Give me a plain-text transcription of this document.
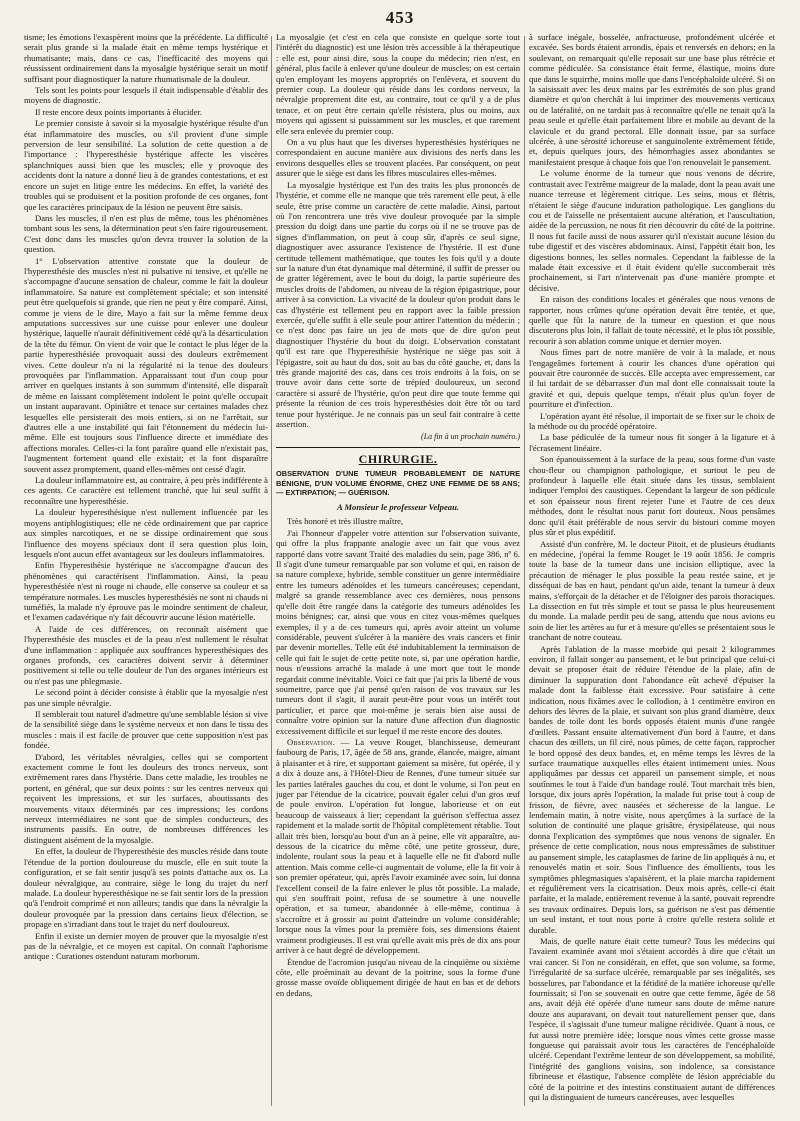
453

tisme; les émotions l'exaspèrent moins que la précédente. La difficulté serait plus grande si la malade était en même temps hystérique et rhumatisante; mais, dans ce cas, l'inefficacité des moyens qui réussissent ordinairement dans la myosalgie hystérique serait un motif suffisant pour diagnostiquer la nature rhumatismale de la douleur.

Tels sont les points pour lesquels il était indispensable d'établir des moyens de diagnostic.

Il reste encore deux points importants à élucider.

Le premier consiste à savoir si la myosalgie hystérique résulte d'un état inflammatoire des muscles, ou s'il provient d'une simple perversion de leur sensibilité. La solution de cette question a de l'importance : l'hyperesthésie hystérique affecte les viscères splanchniques aussi bien que les muscles; elle y provoque des accidents dont la nature a donné lieu à de grandes contestations, et est encore un sujet en litige entre les médecins. En effet, la variété des troubles qui se produisent et la position profonde de ces organes, font que les caractères principaux de la lésion ne peuvent être saisis.

Dans les muscles, il n'en est plus de même, tous les phénomènes tombant sous les sens, la détermination peut s'en faire rigoureusement. C'est donc dans les muscles qu'on devra trouver la solution de la question.

1° L'observation attentive constate que la douleur de l'hyperesthésie des muscles n'est ni pulsative ni tensive, et qu'elle ne s'accompagne d'aucune sensation de chaleur, comme le fait la douleur inflammatoire. Sa nature est complètement spéciale; et son intensité peut être quelquefois si grande, que rien ne peut y être comparé. Ainsi, comme je viens de le dire, Mayo a fait sur la même femme deux amputations successives sur une cuisse pour enlever une douleur hystérique, laquelle n'aurait définitivement cédé qu'à la désarticulation de la tête du fémur. On vient de voir que le contact le plus léger de la partie hyperesthésiée provoquait aussi des douleurs extrêmement vives. Cette douleur n'a ni la régularité ni la tenue des douleurs provoquées par l'inflammation. Apparaissant tout d'un coup pour arriver en quelques instants à son summum d'intensité, elle disparaît de même en laissant complètement indolent le point qu'elle occupait un instant auparavant. Opiniâtre et tenace sur certaines malades chez lesquelles elle persisterait des mois entiers, si on ne l'arrêtait, sur d'autres elle a une instabilité qui fait l'étonnement du médecin lui-même. Elle est toujours sous l'influence directe et immédiate des affections morales. Celles-ci la font paraître quand elle n'existait pas, l'augmentent fortement quand elle existait; et la font disparaître souvent assez promptement, quand elles-mêmes ont cessé d'agir.

La douleur inflammatoire est, au contraire, à peu près indifférente à ces agents. Ce caractère est tellement tranché, que lui seul suffit à reconnaître une hyperesthésie.

La douleur hyperesthésique n'est nullement influencée par les moyens antiphlogistiques; elle ne cède ordinairement que par caprice aux simples narcotiques, et ne se dissipe ordinairement que sous l'influence des moyens spéciaux dont il sera question plus loin, lesquels n'ont aucun effet avantageux sur les douleurs inflammatoires.

Enfin l'hyperesthésie hystérique ne s'accompagne d'aucun des phénomènes qui caractérisent l'inflammation. Ainsi, la peau hyperesthésiée n'est ni rouge ni chaude, elle conserve sa couleur et sa température normales. Les muscles hyperesthésiés ne sont ni chauds ni tuméfiés, la malade n'y éprouve pas le moindre sentiment de chaleur, et l'examen cadavérique n'y fait découvrir aucune lésion matérielle.

A l'aide de ces différences, on reconnaît aisément que l'hyperesthésie des muscles et de la peau n'est nullement le résultat d'une inflammation : appliquée aux souffrances hyperesthésiques des organes profonds, ces caractères doivent servir à déterminer positivement si telle ou telle douleur de l'un des organes intérieurs est ou n'est pas une phlegmasie.

Le second point à décider consiste à établir que la myosalgie n'est pas une simple névralgie.

Il semblerait tout naturel d'admettre qu'une semblable lésion si vive de la sensibilité siège dans le système nerveux et non dans le tissu des muscles : mais il est facile de prouver que cette supposition n'est pas fondée.

D'abord, les véritables névralgies, celles qui se comportent exactement comme le font les douleurs des troncs nerveux, sont extrêmement rares dans l'hystérie. Dans cette maladie, les troubles ne portent, en général, que sur deux points : sur les centres nerveux qui reçoivent les impressions, et sur les surfaces, aboutissants des mouvements vitaux déterminés par ces impressions; les cordons nerveux intermédiaires ne sont que de simples conducteurs, des instruments passifs. En outre, de nombreuses différences les distinguent aisément de la myosalgie.

En effet, la douleur de l'hyperesthésie des muscles réside dans toute l'étendue de la portion douloureuse du muscle, elle en suit toute la configuration, et se fait sentir jusqu'à ses points d'attache aux os. La douleur névralgique, au contraire, siège le long du trajet du nerf malade. La douleur hyperesthésique ne se fait sentir lors de la pression qu'à l'endroit comprimé et non ailleurs; tandis que dans la névralgie la douleur provoquée par la pression dans certains lieux d'élection, se propage en s'irradiant dans tout le trajet du nerf douloureux.

Enfin il existe un dernier moyen de prouver que la myosalgie n'est pas de la névralgie, et ce moyen est capital. On connaît l'aphorisme antique : Curationes ostendunt naturam morborum.

La myosalgie (et c'est en cela que consiste en quelque sorte tout l'intérêt du diagnostic) est une lésion très accessible à la thérapeutique : elle est, pour ainsi dire, sous la coupe du médecin; rien n'est, en général, plus facile à enlever qu'une douleur de muscles; on est certain qu'en employant les moyens appropriés on l'enlèvera, et souvent du premier coup. La douleur qui réside dans les cordons nerveux, la névralgie proprement dite est, au contraire, tout ce qu'il y a de plus tenace, et on peut être certain qu'elle résistera, plus ou moins, aux moyens qui agissent si puissamment sur les muscles, et que rarement elle sera enlevée du premier coup.

On a vu plus haut que les diverses hyperesthésies hystériques ne correspondaient en aucune manière aux divisions des nerfs dans les environs desquelles elles se trouvent placées. Par conséquent, on peut assurer que le siège est dans les fibres musculaires elles-mêmes.

La myosalgie hystérique est l'un des traits les plus prononcés de l'hystérie, et comme elle ne manque que très rarement elle peut, à elle seule, être prise comme un caractère de cette maladie. Ainsi, partout où l'on rencontrera une très vive douleur provoquée par la simple pression du doigt dans une partie du corps où il ne se trouve pas de signes d'inflammation, on peut à coup sûr, d'après ce seul signe, diagnostiquer avec assurance l'existence de l'hystérie. Il est d'une certitude tellement mathématique, que toutes les fois qu'il y a doute sur la nature d'un état dynamique mal déterminé, il suffit de presser ou de gratter légèrement, avec le bout du doigt, la partie supérieure des muscles droits de l'abdomen, au niveau de la région épigastrique, pour arriver à sa conviction. La vivacité de la douleur qu'on produit dans le cas d'hystérie est tellement peu en rapport avec la faible pression exercée, qu'elle suffit à elle seule pour attirer l'attention du médecin ; ce n'est donc pas faire un jeu de mots que de dire qu'on peut diagnostiquer l'hystérie du bout du doigt. L'observation constatant qu'il est rare que l'hyperesthésie hystérique ne siège pas soit à l'épigastre, soit au haut du dos, soit au bas du côté gauche, et, dans la très grande majorité des cas, dans ces trois endroits à la fois, on se trouve avoir dans cette sorte de trépied douloureux, un second caractère si assuré de l'hystérie, qu'on peut dire que toute femme qui présente la réunion de ces trois hyperesthésies doit être tôt ou tard tenue pour hystérique. Je ne connais pas un seul fait contraire à cette assertion.

(La fin à un prochain numéro.)
CHIRURGIE.
OBSERVATION D'UNE TUMEUR PROBABLEMENT DE NATURE BÉNIGNE, D'UN VOLUME ÉNORME, CHEZ UNE FEMME DE 58 ANS; — EXTIRPATION; — GUÉRISON.
A Monsieur le professeur Velpeau.

Très honoré et très illustre maître,

J'ai l'honneur d'appeler votre attention sur l'observation suivante, qui offre la plus frappante analogie avec un fait que vous avez rapporté dans votre savant Traité des maladies du sein, page 386, nº 6. Il s'agit d'une tumeur remarquable par son volume et qui, en raison de sa nature complexe, hybride, semble constituer un genre intermédiaire entre les tumeurs adénoïdes et les tumeurs cancéreuses; cependant, malgré sa grande ressemblance avec ces dernières, nous pensons qu'elle doit être rangée dans la catégorie des tumeurs adénoïdes les moins bénignes; car, ainsi que vous en citez vous-mêmes quelques exemples, il y a de ces tumeurs qui, après avoir atteint un volume considérable, peuvent s'ulcérer à la manière des vrais cancers et finir par devenir mortelles. Telle eût été indubitablement la terminaison de celle qui fait le sujet de cette petite note, si, par une opération hardie, nous n'eussions arraché la malade à une mort que tout le monde regardait comme inévitable. Voici ce fait que j'ai pris la liberté de vous soumettre, parce que j'ai pensé qu'en raison de vos travaux sur les tumeurs dont il s'agit, il aurait peut-être pour vous un intérêt tout particulier, et parce que moi-même je serais bien aise aussi de connaître votre opinion sur la nature d'une affection d'un diagnostic excessivement difficile et sur lequel il me reste encore des doutes.

Observation. — La veuve Rouget, blanchisseuse, demeurant faubourg de Paris, 17, âgée de 58 ans, grande, élancée, maigre, aimant à plaisanter et à rire, et supportant gaiement sa misère, fut opérée, il y a dix à douze ans, à l'Hôtel-Dieu de Rennes, d'une tumeur située sur les parties latérales gauches du cou, et dont le volume, si l'on peut en juger par l'étendue de la cicatrice, pouvait égaler celui d'un gros œuf de poule environ. L'opération fut longue, laborieuse et on eut beaucoup de vaisseaux à lier; cependant la guérison s'effectua assez rapidement et la malade sortit de l'hôpital complètement rétablie. Tout allait très bien, lorsqu'au bout d'un an à peine, elle vit apparaître, au-dessous de la cicatrice du même côté, une petite grosseur, dure, indolente, roulant sous la peau et à laquelle elle ne fit d'abord nulle attention. Mais comme celle-ci augmentait de volume, elle la fit voir à son premier opérateur, qui, après l'avoir examinée avec soin, lui donna l'excellent conseil de la faire enlever le plus tôt possible. La malade, qui s'en souffrait point, refusa de se soumettre à une nouvelle opération, et sa tumeur, abandonnée à elle-même, continua à s'accroître et à grossir au point d'atteindre un volume considérable; lorsque nous la vîmes pour la première fois, ses dimensions étaient vraiment prodigieuses. Il est vrai qu'elle avait mis près de dix ans pour arriver à ce haut degré de développement.

Étendue de l'acromion jusqu'au niveau de la cinquième ou sixième côte, elle proéminait au devant de la poitrine, sous la forme d'une grosse masse ovoïde obliquement dirigée de haut en bas et de dehors en dedans,

à surface inégale, bosselée, anfractueuse, profondément ulcérée et excavée. Ses bords étaient arrondis, épais et renversés en dehors; en la soulevant, on remarquait qu'elle reposait sur une base plus rétrécie et comme pédiculée. Sa consistance était ferme, élastique, moins dure que dans le squirrhe, moins molle que dans l'encéphaloïde ulcéré. Si on la saisissait avec les deux mains par les extrémités de son plus grand diamètre et qu'on cherchât à lui imprimer des mouvements verticaux ou de latéralité, on ne tardait pas à reconnaître qu'elle ne tenait qu'à la peau seule et qu'elle était parfaitement libre et mobile au devant de la clavicule et du grand pectoral. Elle donnait issue, par sa surface ulcérée, à une sérosité ichoreuse et sanguinolente extrêmement fétide, et, depuis quelques jours, des hémorrhagies assez abondantes se manifestaient presque à chaque fois que l'on renouvelait le pansement.

Le volume énorme de la tumeur que nous venons de décrire, contrastait avec l'extrême maigreur de la malade, dont la peau avait une nuance terreuse et légèrement citrique. Les seins, mous et flétris, n'étaient le siège d'aucune induration pathologique. Les ganglions du cou et de l'aisselle ne présentaient aucune altération, et l'auscultation, aidée de la percussion, ne nous fit rien découvrir du côté de la poitrine. Il nous fut facile aussi de nous assurer qu'il n'existait aucune lésion du tube digestif et des viscères abdominaux. Ainsi, l'appétit était bon, les digestions bonnes, les selles normales. Cependant la faiblesse de la malade était excessive et il était évident qu'elle succomberait très prochainement, si l'art n'intervenait pas d'une manière prompte et décisive.

En raison des conditions locales et générales que nous venons de rapporter, nous crûmes qu'une opération devait être tentée, et que, quelle que fût la nature de la tumeur en question et que nous discuterons plus loin, il fallait de toute nécessité, et le plus tôt possible, recourir à son ablation comme unique et dernier moyen.

Nous fîmes part de notre manière de voir à la malade, et nous l'engageâmes fortement à courir les chances d'une opération qui pouvait être couronnée de succès. Elle accepta avec empressement, car il lui tardait de se débarrasser d'un mal dont elle connaissait toute la gravité et qui, depuis quelque temps, n'était plus qu'un foyer de pourriture et d'infection.

L'opération ayant été résolue, il importait de se fixer sur le choix de la méthode ou du procédé opératoire.

La base pédiculée de la tumeur nous fit songer à la ligature et à l'écrasement linéaire.

Son épanouissement à la surface de la peau, sous forme d'un vaste chou-fleur ou champignon pathologique, et surtout le peu de profondeur à laquelle elle était située dans les tissus, semblaient indiquer l'emploi des caustiques. Cependant la largeur de son pédicule et son épaisseur nous firent rejeter l'une et l'autre de ces deux méthodes, dont le résultat nous parut fort douteux. Nous pensâmes donc qu'il était préférable de nous servir du bistouri comme moyen plus sûr et plus expéditif.

Assisté d'un confrère, M. le docteur Pitoit, et de plusieurs étudiants en médecine, j'opérai la femme Rouget le 19 août 1856. Je compris toute la base de la tumeur dans une incision elliptique, avec la précaution de ménager le plus possible la peau restée saine, et je disséquai de bas en haut, pendant qu'un aide, tenant la tumeur à deux mains, s'efforçait de la détacher et de l'éloigner des parois thoraciques. La dissection en fut très simple et tout se passa le plus heureusement du monde. La malade perdit peu de sang, attendu que nous avions eu soin de lier les artères au fur et à mesure qu'elles se présentaient sous le tranchant de notre couteau.

Après l'ablation de la masse morbide qui pesait 2 kilogrammes environ, il fallait songer au pansement, et le but principal que celui-ci devait se proposer était de réduire l'étendue de la plaie, afin de diminuer la suppuration dont l'abondance eût achevé d'épuiser la malade dont la faiblesse était excessive. Pour satisfaire à cette indication, nous fixâmes avec le collodion, à 1 centimètre environ en dehors des lèvres de la plaie, et suivant son plus grand diamètre, deux bandes de toile dont les bords opposés étaient munis d'une rangée d'œillets. Passant ensuite alternativement d'un bord à l'autre, et dans chacun des œillets, un fil ciré, nous pûmes, de cette façon, rapprocher le bord opposé des deux bandes, et, en même temps les lèvres de la surface traumatique auxquelles elles étaient intimement unies. Nous appliquâmes par dessus cet appareil un pansement simple, et nous soutînmes le tout à l'aide d'un bandage roulé. Tout marchait très bien, lorsque, dix jours après l'opération, la malade fut prise tout à coup de frisson, de fièvre, avec nausées et sécheresse de la langue. Le lendemain matin, à notre visite, nous aperçûmes à la surface de la solution de continuité une plaque grisâtre, érysipélateuse, qui nous donna l'explication des symptômes que nous venons de signaler. En présence de cette complication, nous nous empressâmes de substituer au pansement simple, les cataplasmes de farine de lin appliqués à nu, et renouvelés matin et soir. Sous l'influence des émollients, tous les symptômes phlegmasiques s'apaisèrent, et la plaie marcha rapidement et régulièrement vers la cicatrisation. Deux mois après, celle-ci était parfaite, et la malade, entièrement revenue à la santé, pouvait reprendre ses travaux ordinaires. Depuis lors, sa guérison ne s'est pas démentie un seul instant, et tout nous porte à croire qu'elle restera solide et durable.

Mais, de quelle nature était cette tumeur? Tous les médecins qui l'avaient examinée avant moi s'étaient accordés à dire que c'était un vrai cancer. Si l'on ne considérait, en effet, que son volume, sa forme, l'irrégularité de sa surface ulcérée, remarquable par ses inégalités, ses bosselures, par l'abondance et la fétidité de la matière ichoreuse qu'elle fournissait; si l'on se souvenait en outre que cette femme, âgée de 58 ans, avait déjà été opérée d'une tumeur sans doute de même nature douze ans auparavant, on devait tout naturellement penser que, dans l'espèce, il s'agissait d'une tumeur maligne récidivée. Quant à nous, ce fut aussi notre première idée; lorsque nous vîmes cette grosse masse fongueuse qui paraissait avoir tous les caractères de l'encéphaloïde ulcéré. Cependant l'extrême lenteur de son développement, sa mobilité, l'intégrité des ganglions voisins, son indolence, sa consistance fibrineuse et élastique, l'absence complète de lésion appréciable du côté de la poitrine et des intestins constituaient autant de différences qui la distinguaient de tumeurs cancéreuses, avec lesquelles
